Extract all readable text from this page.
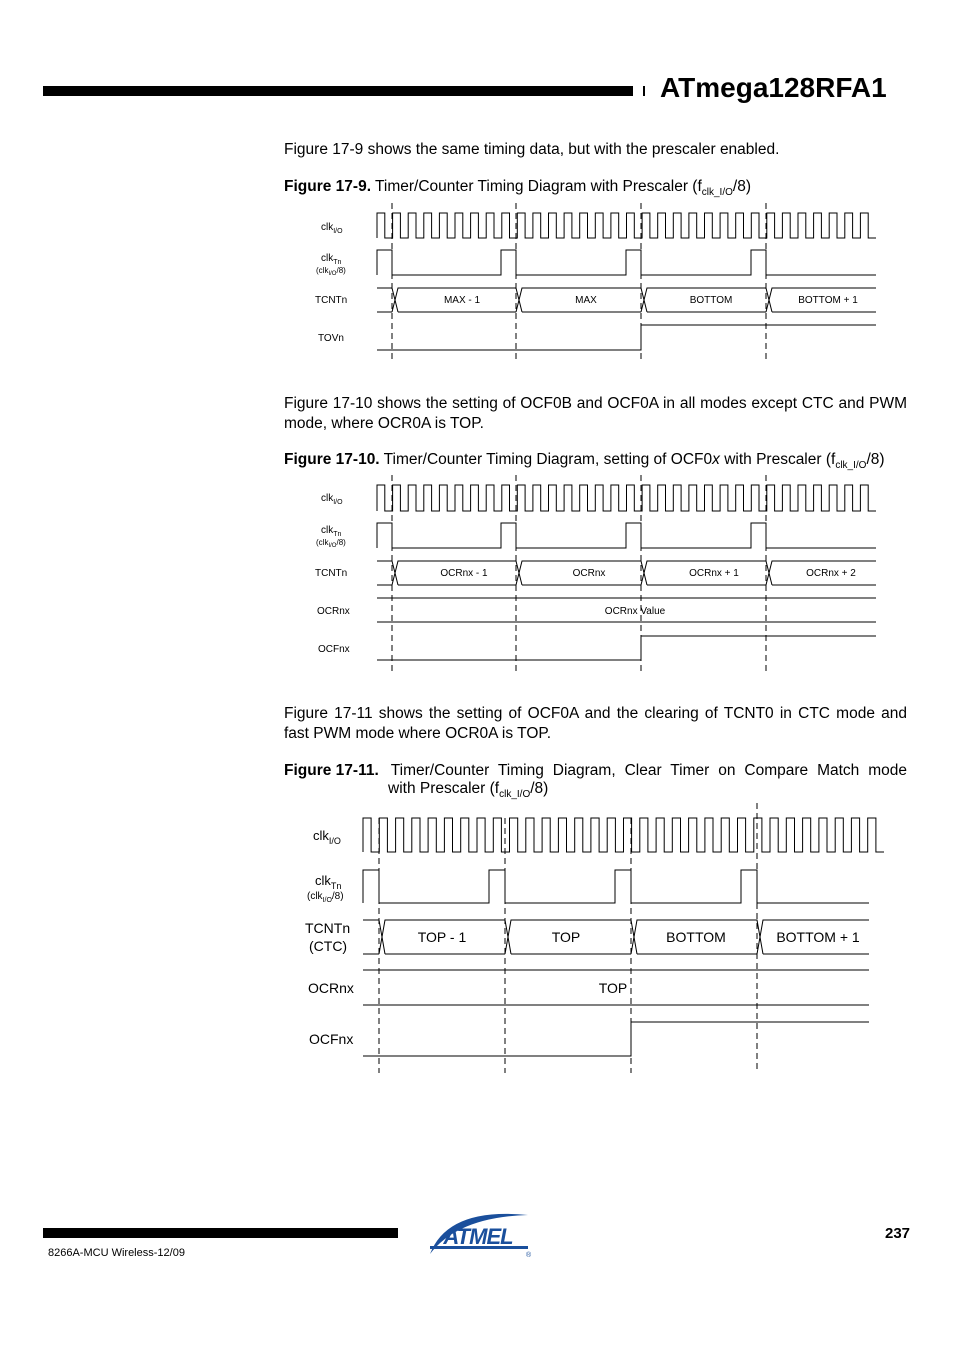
ATmega128RFA1
Figure 17-9 shows the same timing data, but with the prescaler enabled.
Figure 17-9. Timer/Counter Timing Diagram with Prescaler $(f_{clk\_I/O}/8)$
clk$_{I/O}$
clk$_{Tn}$
(clk$_{I/O}$/8)
TCNTn
TOVn
MAX - 1	MAX	BOTTOM	BOTTOM + 1
Figure 17-10 shows the setting of OCF0B and OCF0A in all modes except CTC and PWM mode, where OCR0A is TOP.
Figure 17-10. Timer/Counter Timing Diagram, setting of OCF0x with Prescaler $(f_{clk\_I/O}/8)$
clk$_{I/O}$
clk$_{Tn}$
(clk$_{I/O}$/8)
TCNTn
OCRnx
OCFnx
OCRnx - 1	OCRnx	OCRnx + 1	OCRnx + 2
OCRnx Value
Figure 17-11 shows the setting of OCF0A and the clearing of TCNT0 in CTC mode and fast PWM mode where OCR0A is TOP.
Figure 17-11. Timer/Counter Timing Diagram, Clear Timer on Compare Match mode
with Prescaler $(f_{clk\_I/O}/8)$
clk$_{I/O}$
clk$_{Tn}$
(clk$_{I/O}$/8)
TCNTn
(CTC)
OCRnx
OCFnx
TOP - 1	TOP	BOTTOM	BOTTOM + 1
TOP
ATMEL
®
237
8266A-MCU Wireless-12/09
